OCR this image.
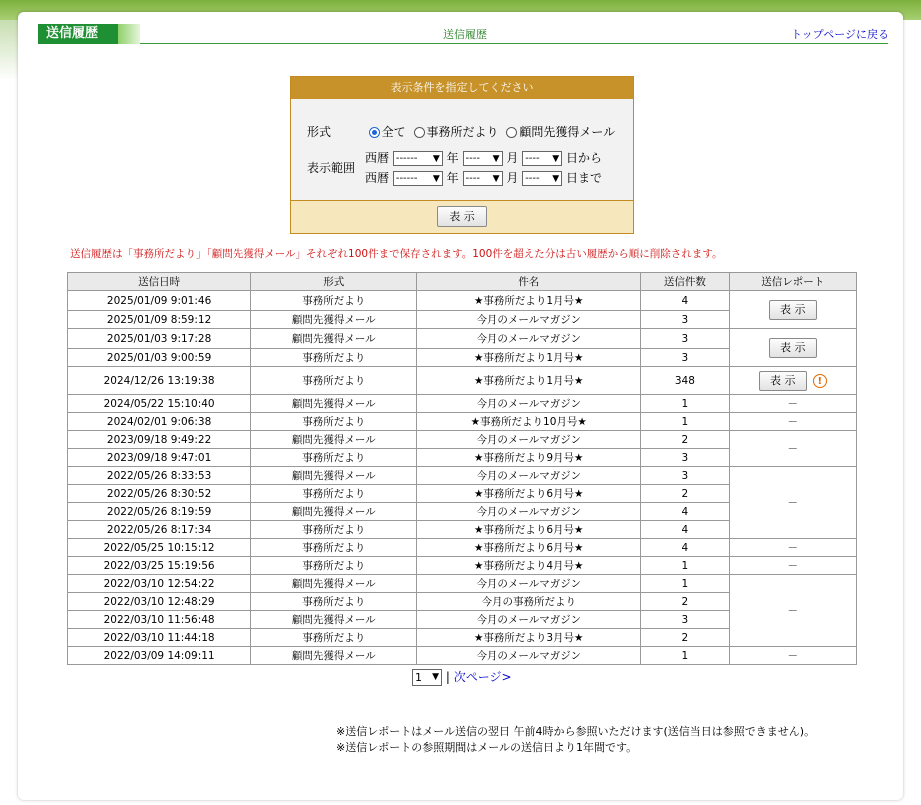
送信履歴	送信履歴	トップページに戻る
表示条件を指定してください
形式	全て 事務所だより 顧問先獲得メール
表示範囲
西暦 ------ ▼ 年 ---- ▼ 月 ---- ▼ 日から
西暦 ------ ▼ 年 ---- ▼ 月 ---- ▼ 日まで
表 示
送信履歴は「事務所だより」「顧問先獲得メール」それぞれ100件まで保存されます。100件を超えた分は古い履歴から順に削除されます。
送信日時	形式	件名	送信件数	送信レポート
2025/01/09 9:01:46	事務所だより	★事務所だより1月号★	4	表 示
2025/01/09 8:59:12	顧問先獲得メール	今月のメールマガジン	3	
2025/01/03 9:17:28	顧問先獲得メール	今月のメールマガジン	3	表 示
2025/01/03 9:00:59	事務所だより	★事務所だより1月号★	3	
2024/12/26 13:19:38	事務所だより	★事務所だより1月号★	348	表 示 !
2024/05/22 15:10:40	顧問先獲得メール	今月のメールマガジン	1	－
2024/02/01 9:06:38	事務所だより	★事務所だより10月号★	1	－
2023/09/18 9:49:22	顧問先獲得メール	今月のメールマガジン	2	－
2023/09/18 9:47:01	事務所だより	★事務所だより9月号★	3	
2022/05/26 8:33:53	顧問先獲得メール	今月のメールマガジン	3	－
2022/05/26 8:30:52	事務所だより	★事務所だより6月号★	2	
2022/05/26 8:19:59	顧問先獲得メール	今月のメールマガジン	4	
2022/05/26 8:17:34	事務所だより	★事務所だより6月号★	4	
2022/05/25 10:15:12	事務所だより	★事務所だより6月号★	4	－
2022/03/25 15:19:56	事務所だより	★事務所だより4月号★	1	－
2022/03/10 12:54:22	顧問先獲得メール	今月のメールマガジン	1	－
2022/03/10 12:48:29	事務所だより	今月の事務所だより	2	
2022/03/10 11:56:48	顧問先獲得メール	今月のメールマガジン	3	
2022/03/10 11:44:18	事務所だより	★事務所だより3月号★	2	
2022/03/09 14:09:11	顧問先獲得メール	今月のメールマガジン	1	－
1 ▼ | 次ページ>
※送信レポートはメール送信の翌日 午前4時から参照いただけます(送信当日は参照できません)。
※送信レポートの参照期間はメールの送信日より1年間です。
